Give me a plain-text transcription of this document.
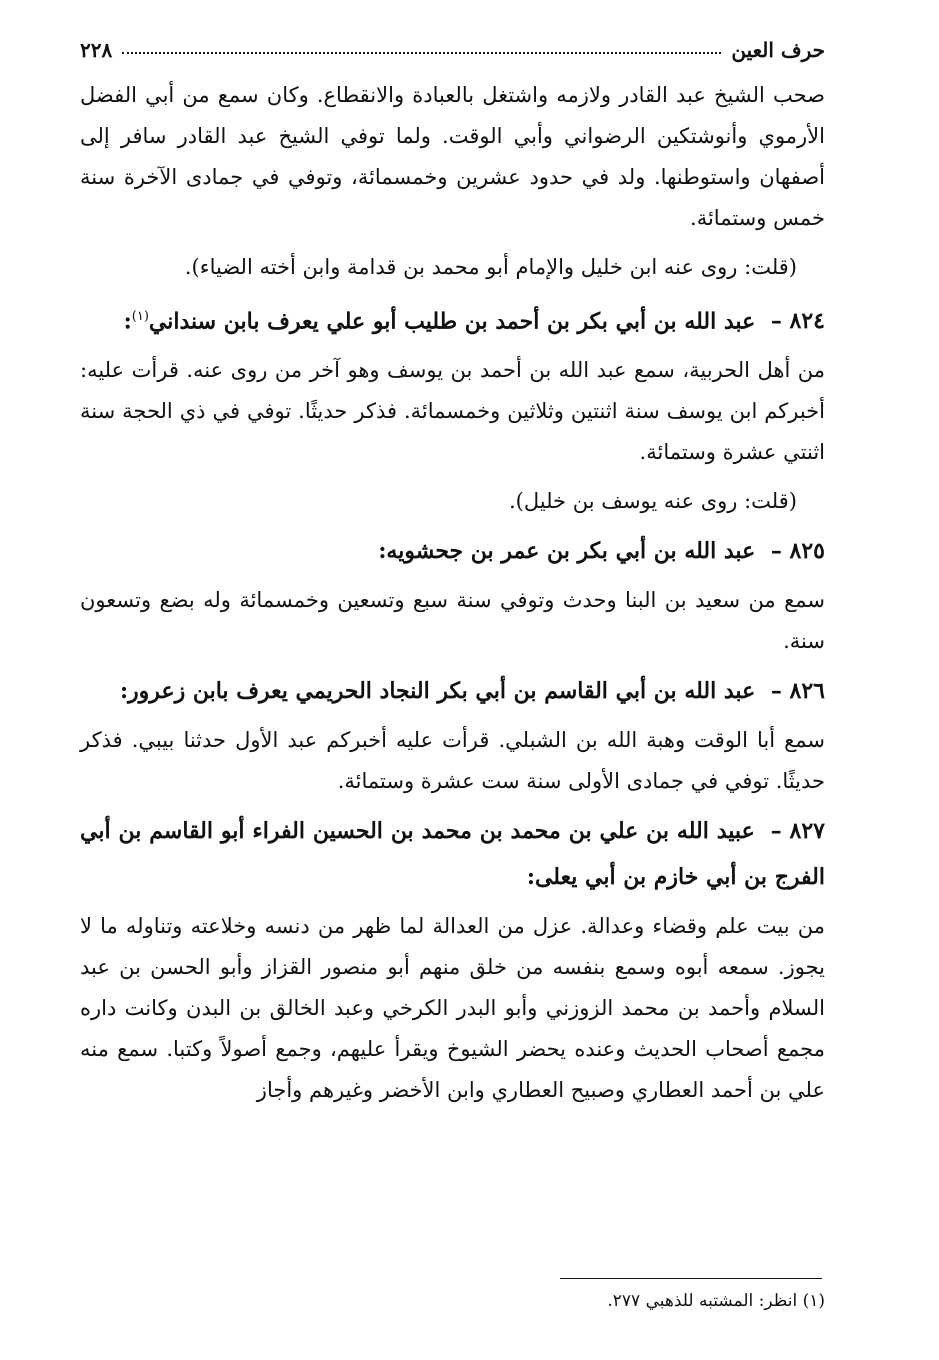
حرف العين
٢٢٨

صحب الشيخ عبد القادر ولازمه واشتغل بالعبادة والانقطاع. وكان سمع من أبي الفضل الأرموي وأنوشتكين الرضواني وأبي الوقت. ولما توفي الشيخ عبد القادر سافر إلى أصفهان واستوطنها. ولد في حدود عشرين وخمسمائة، وتوفي في جمادى الآخرة سنة خمس وستمائة.

(قلت: روى عنه ابن خليل والإمام أبو محمد بن قدامة وابن أخته الضياء).

٨٢٤ – عبد الله بن أبي بكر بن أحمد بن طليب أبو علي يعرف بابن سنداني$^{(١)}$:

من أهل الحربية، سمع عبد الله بن أحمد بن يوسف وهو آخر من روى عنه. قرأت عليه: أخبركم ابن يوسف سنة اثنتين وثلاثين وخمسمائة. فذكر حديثًا. توفي في ذي الحجة سنة اثنتي عشرة وستمائة.

(قلت: روى عنه يوسف بن خليل).

٨٢٥ – عبد الله بن أبي بكر بن عمر بن جحشويه:

سمع من سعيد بن البنا وحدث وتوفي سنة سبع وتسعين وخمسمائة وله بضع وتسعون سنة.

٨٢٦ – عبد الله بن أبي القاسم بن أبي بكر النجاد الحريمي يعرف بابن زعرور:

سمع أبا الوقت وهبة الله بن الشبلي. قرأت عليه أخبركم عبد الأول حدثنا بيبي. فذكر حديثًا. توفي في جمادى الأولى سنة ست عشرة وستمائة.

٨٢٧ – عبيد الله بن علي بن محمد بن محمد بن الحسين الفراء أبو القاسم بن أبي الفرج بن أبي خازم بن أبي يعلى:

من بيت علم وقضاء وعدالة. عزل من العدالة لما ظهر من دنسه وخلاعته وتناوله ما لا يجوز. سمعه أبوه وسمع بنفسه من خلق منهم أبو منصور القزاز وأبو الحسن بن عبد السلام وأحمد بن محمد الزوزني وأبو البدر الكرخي وعبد الخالق بن البدن وكانت داره مجمع أصحاب الحديث وعنده يحضر الشيوخ ويقرأ عليهم، وجمع أصولاً وكتبا. سمع منه علي بن أحمد العطاري وصبيح العطاري وابن الأخضر وغيرهم وأجاز

(١) انظر: المشتبه للذهبي ٢٧٧.
